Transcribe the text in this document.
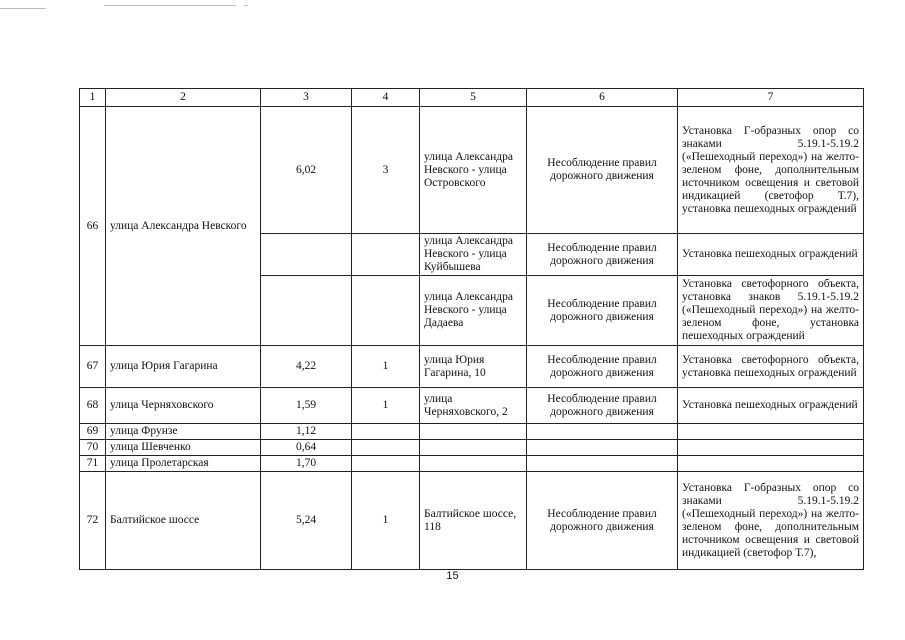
1	2	3	4	5	6	7
66	улица Александра Невского	6,02	3	улица Александра Невского - улица Островского	Несоблюдение правил дорожного движения	Установка Г-образных опор со знаками 5.19.1-5.19.2 («Пешеходный переход») на желто-зеленом фоне, дополнительным источником освещения и световой индикацией (светофор Т.7), установка пешеходных ограждений

				улица Александра Невского - улица Куйбышева	Несоблюдение правил дорожного движения	Установка пешеходных ограждений

				улица Александра Невского - улица Дадаева	Несоблюдение правил дорожного движения	Установка светофорного объекта, установка знаков 5.19.1-5.19.2 («Пешеходный переход») на желто-зеленом фоне, установка пешеходных ограждений

67	улица Юрия Гагарина	4,22	1	улица Юрия Гагарина, 10	Несоблюдение правил дорожного движения	Установка светофорного объекта, установка пешеходных ограждений

68	улица Черняховского	1,59	1	улица Черняховского, 2	Несоблюдение правил дорожного движения	Установка пешеходных ограждений

69	улица Фрунзе	1,12				
70	улица Шевченко	0,64				
71	улица Пролетарская	1,70				
72	Балтийское шоссе	5,24	1	Балтийское шоссе, 118	Несоблюдение правил дорожного движения	Установка Г-образных опор со знаками 5.19.1-5.19.2 («Пешеходный переход») на желто-зеленом фоне, дополнительным источником освещения и световой индикацией (светофор Т.7),
15
